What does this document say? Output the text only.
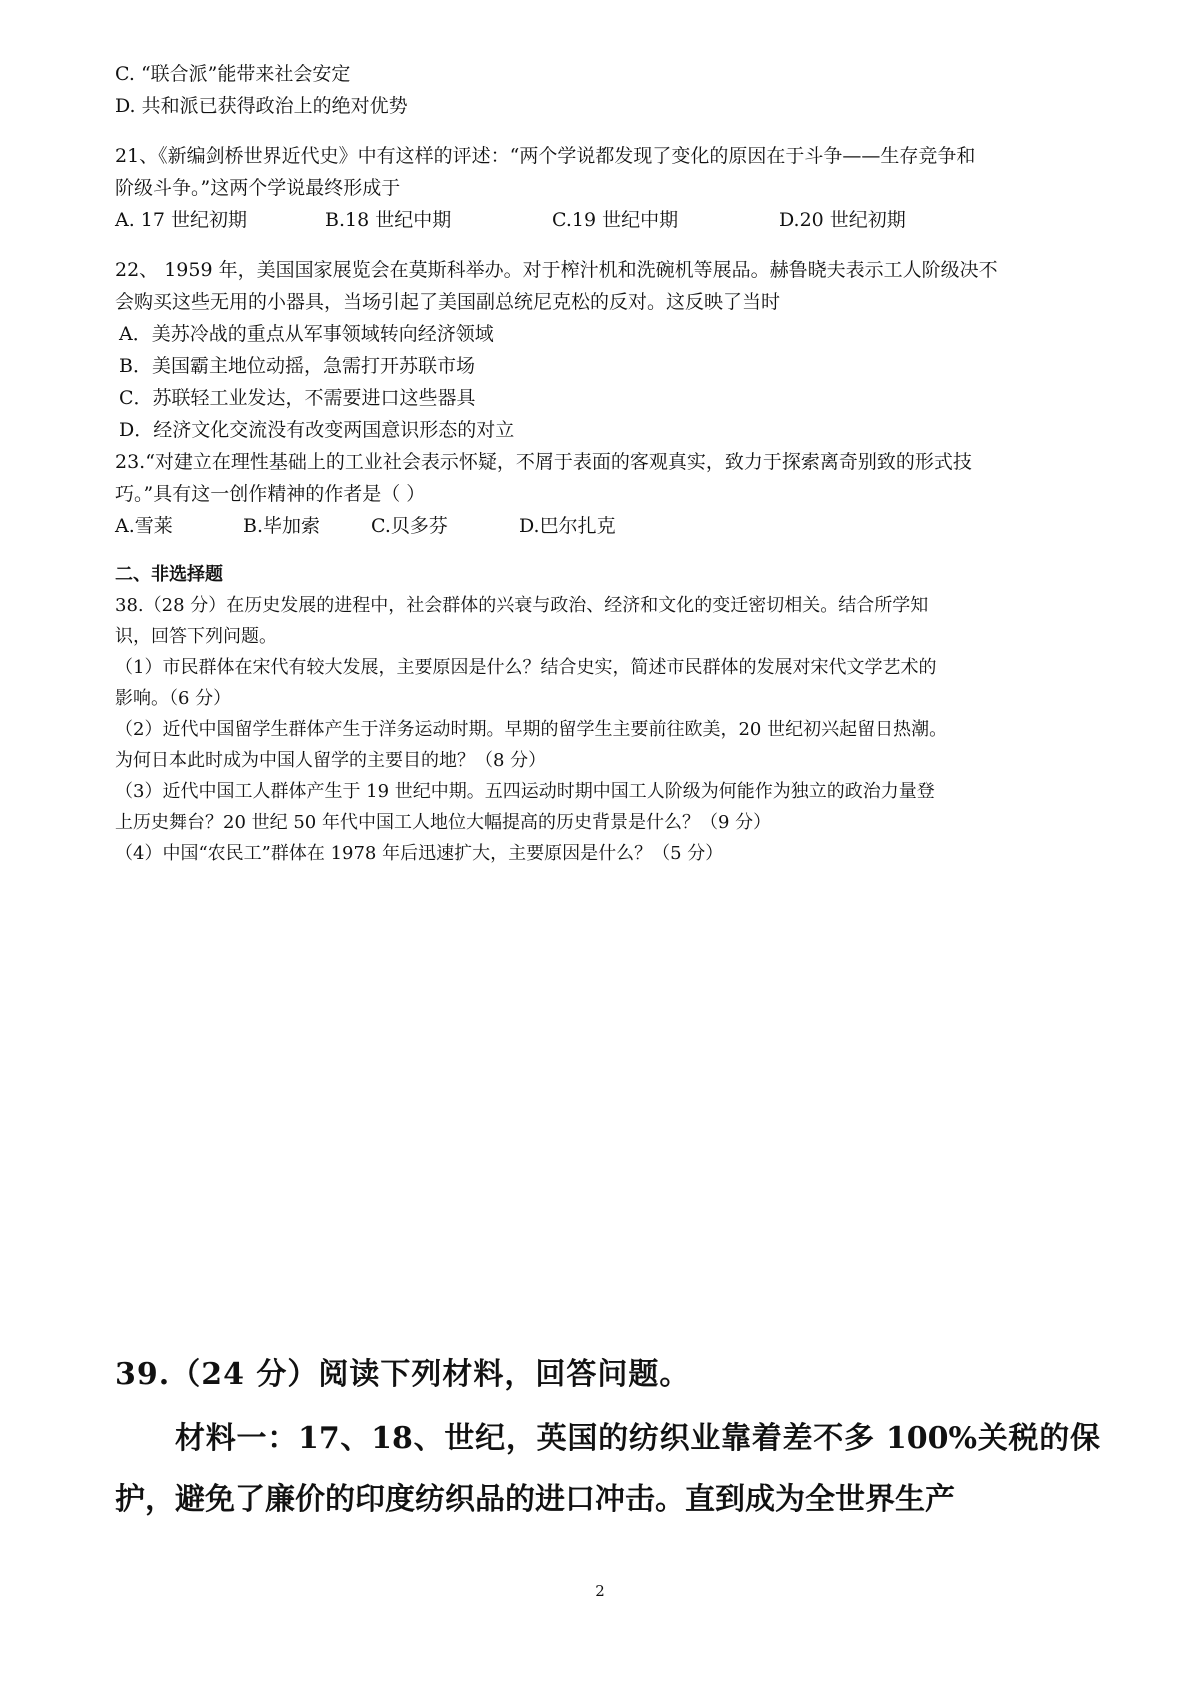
C. “联合派”能带来社会安定
D. 共和派已获得政治上的绝对优势
21、《新编剑桥世界近代史》中有这样的评述：“两个学说都发现了变化的原因在于斗争——生存竞争和
阶级斗争。”这两个学说最终形成于
A. 17 世纪初期	B.18 世纪中期	C.19 世纪中期	D.20 世纪初期
22、 1959 年，美国国家展览会在莫斯科举办。对于榨汁机和洗碗机等展品。赫鲁晓夫表示工人阶级决不
会购买这些无用的小器具，当场引起了美国副总统尼克松的反对。这反映了当时
A．美苏冷战的重点从军事领域转向经济领域
B．美国霸主地位动摇，急需打开苏联市场
C．苏联轻工业发达，不需要进口这些器具
D．经济文化交流没有改变两国意识形态的对立
23.“对建立在理性基础上的工业社会表示怀疑，不屑于表面的客观真实，致力于探索离奇别致的形式技
巧。”具有这一创作精神的作者是（ ）
A.雪莱	B.毕加索	C.贝多芬	D.巴尔扎克
二、非选择题
38.（28 分）在历史发展的进程中，社会群体的兴衰与政治、经济和文化的变迁密切相关。结合所学知
识，回答下列问题。
（1）市民群体在宋代有较大发展，主要原因是什么？结合史实，简述市民群体的发展对宋代文学艺术的
影响。（6 分）
（2）近代中国留学生群体产生于洋务运动时期。早期的留学生主要前往欧美，20 世纪初兴起留日热潮。
为何日本此时成为中国人留学的主要目的地？（8 分）
（3）近代中国工人群体产生于 19 世纪中期。五四运动时期中国工人阶级为何能作为独立的政治力量登
上历史舞台？20 世纪 50 年代中国工人地位大幅提高的历史背景是什么？（9 分）
（4）中国“农民工”群体在 1978 年后迅速扩大，主要原因是什么？（5 分）
39.（24 分）阅读下列材料，回答问题。
材料一：17、18、世纪，英国的纺织业靠着差不多 100%关税的保护，避免了廉价的印度纺织品的进口冲击。直到成为全世界生产
2
